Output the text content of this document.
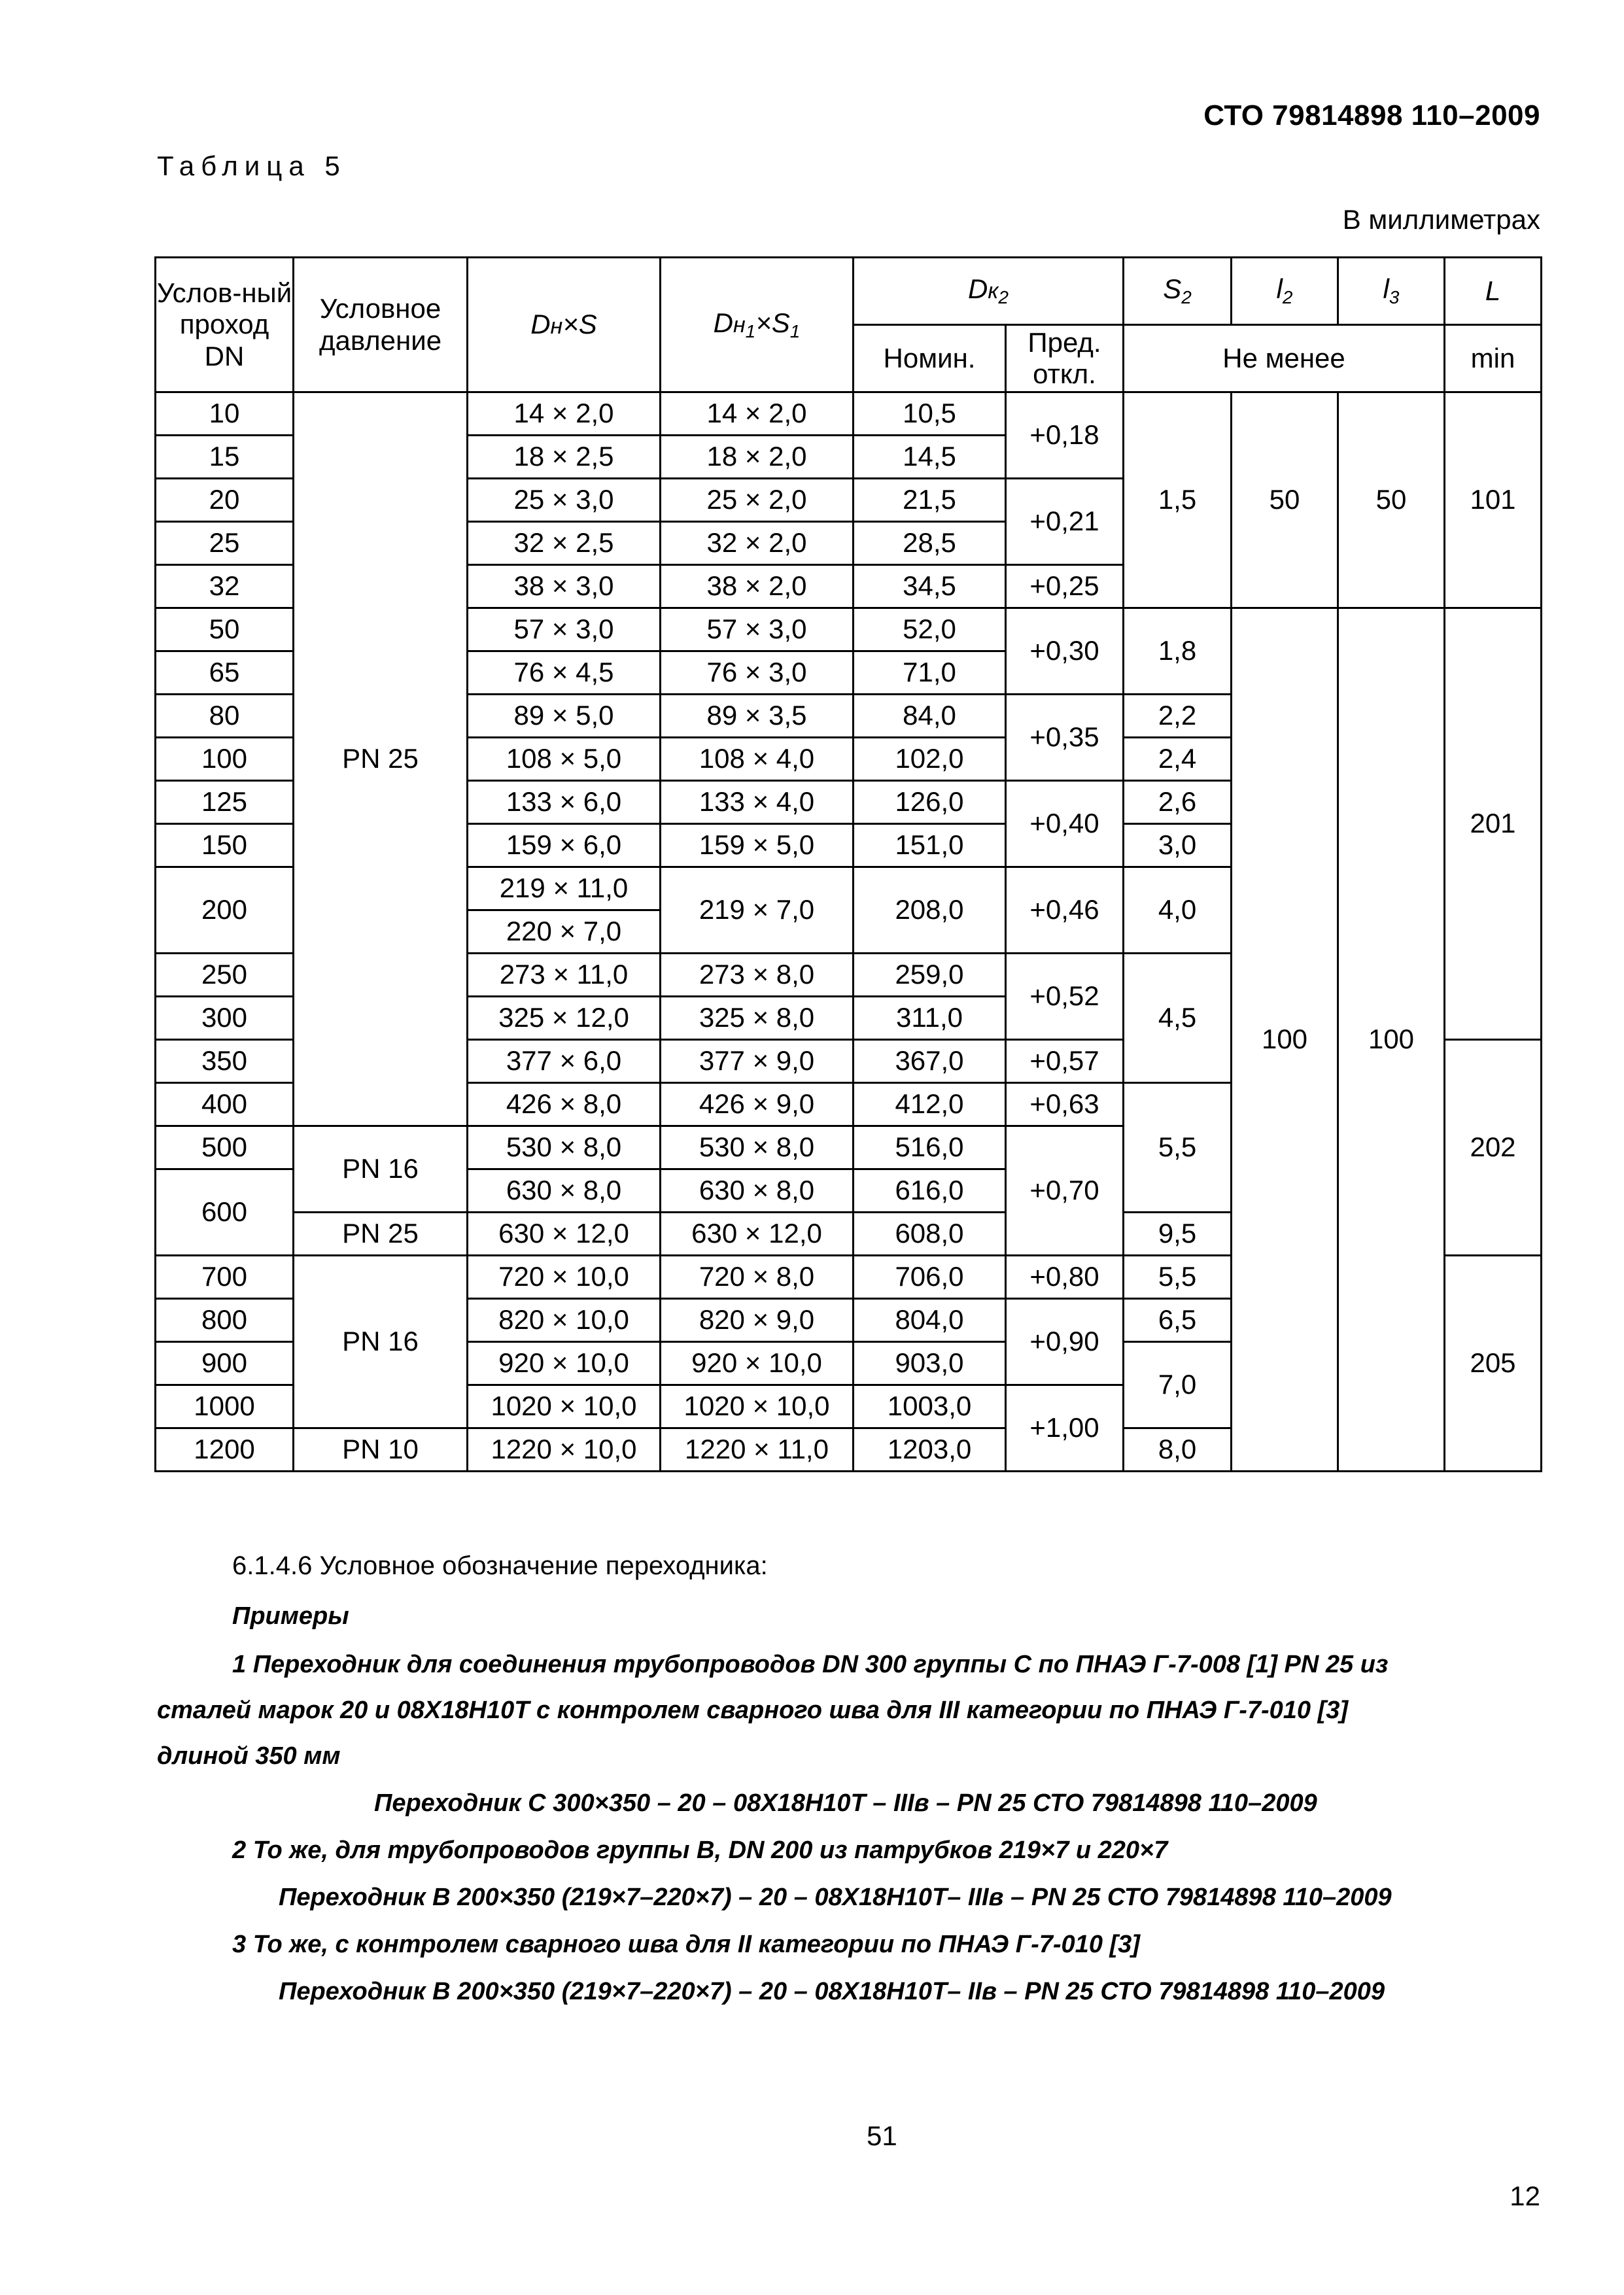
СТО 79814898 110–2009
Таблица 5
В миллиметрах
Услов-ный проход DN	Условное давление	Dн×S	$Dн_1\times S_1$	$Dк_2$		$S_2$	$l_2$	$l_3$	L
				Номин.	Пред. откл.	Не менее			min
10	PN 25	14 × 2,0	14 × 2,0	10,5	+0,18	1,5	50	50	101
15		18 × 2,5	18 × 2,0	14,5					
20		25 × 3,0	25 × 2,0	21,5	+0,21				
25		32 × 2,5	32 × 2,0	28,5					
32		38 × 3,0	38 × 2,0	34,5	+0,25				
50		57 × 3,0	57 × 3,0	52,0	+0,30	1,8	100	100	201
65		76 × 4,5	76 × 3,0	71,0					
80		89 × 5,0	89 × 3,5	84,0	+0,35	2,2			
100		108 × 5,0	108 × 4,0	102,0		2,4			
125		133 × 6,0	133 × 4,0	126,0	+0,40	2,6			
150		159 × 6,0	159 × 5,0	151,0		3,0			
200		219 × 11,0	219 × 7,0	208,0	+0,46	4,0			
		220 × 7,0							
250		273 × 11,0	273 × 8,0	259,0	+0,52	4,5			
300		325 × 12,0	325 × 8,0	311,0					
350		377 × 6,0	377 × 9,0	367,0	+0,57				202
400		426 × 8,0	426 × 9,0	412,0	+0,63	5,5			
500	PN 16	530 × 8,0	530 × 8,0	516,0	+0,70				
600		630 × 8,0	630 × 8,0	616,0					
	PN 25	630 × 12,0	630 × 12,0	608,0		9,5			
700	PN 16	720 × 10,0	720 × 8,0	706,0	+0,80	5,5			205
800		820 × 10,0	820 × 9,0	804,0	+0,90	6,5			
900		920 × 10,0	920 × 10,0	903,0		7,0			
1000		1020 × 10,0	1020 × 10,0	1003,0	+1,00				
1200	PN 10	1220 × 10,0	1220 × 11,0	1203,0		8,0			

6.1.4.6 Условное обозначение переходника:

Примеры

1 Переходник для соединения трубопроводов DN 300 группы С по ПНАЭ Г-7-008 [1] PN 25 из

сталей марок 20 и 08Х18Н10Т с контролем сварного шва для III категории по ПНАЭ Г-7-010 [3]

длиной 350 мм

Переходник С 300×350 – 20 – 08Х18Н10Т – IIIв – PN 25 СТО 79814898 110–2009

2 То же, для трубопроводов группы В, DN 200 из патрубков 219×7 и 220×7

Переходник В 200×350 (219×7–220×7) – 20 – 08Х18Н10Т– IIIв – PN 25 СТО 79814898 110–2009

3 То же, с контролем сварного шва для II категории по ПНАЭ Г-7-010 [3]

Переходник В 200×350 (219×7–220×7) – 20 – 08Х18Н10Т– IIв – PN 25 СТО 79814898 110–2009

51
12
